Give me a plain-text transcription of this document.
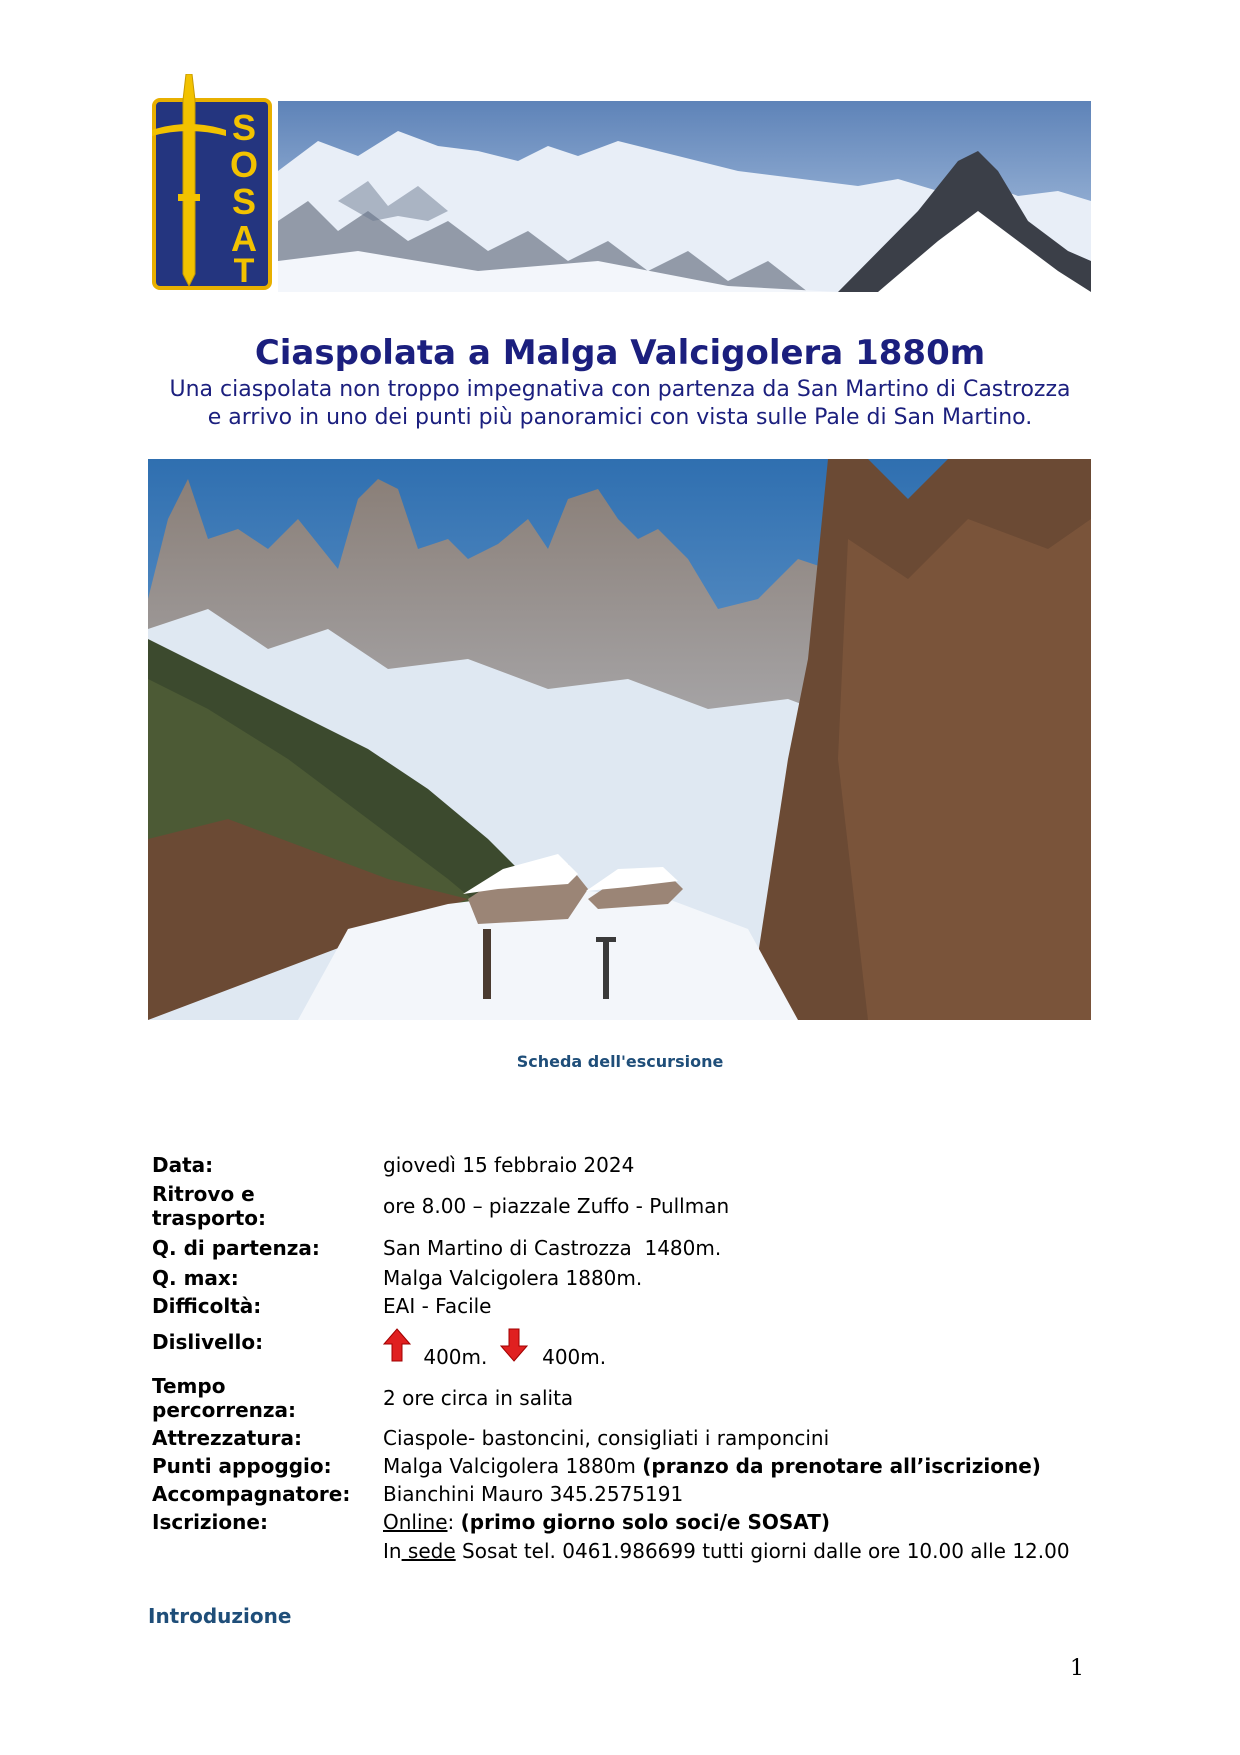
S
O
S
A
T
Ciaspolata a Malga Valcigolera 1880m
Una ciaspolata non troppo impegnativa con partenza da San Martino di Castrozza
e arrivo in uno dei punti più panoramici con vista sulle Pale di San Martino.
Scheda dell'escursione
Data:	giovedì 15 febbraio 2024
Ritrovo e
trasporto:	ore 8.00 – piazzale Zuffo - Pullman
Q. di partenza:	San Martino di Castrozza  1480m.
Q. max:	Malga Valcigolera 1880m.
Difficoltà:	EAI - Facile
Dislivello:
400m.	400m.
Tempo
percorrenza:	2 ore circa in salita
Attrezzatura:	Ciaspole- bastoncini, consigliati i ramponcini
Punti appoggio:	Malga Valcigolera 1880m (pranzo da prenotare all’iscrizione)
Accompagnatore:	Bianchini Mauro 345.2575191
Iscrizione:	Online: (primo giorno solo soci/e SOSAT)
In sede Sosat tel. 0461.986699 tutti giorni dalle ore 10.00 alle 12.00
Introduzione
1
